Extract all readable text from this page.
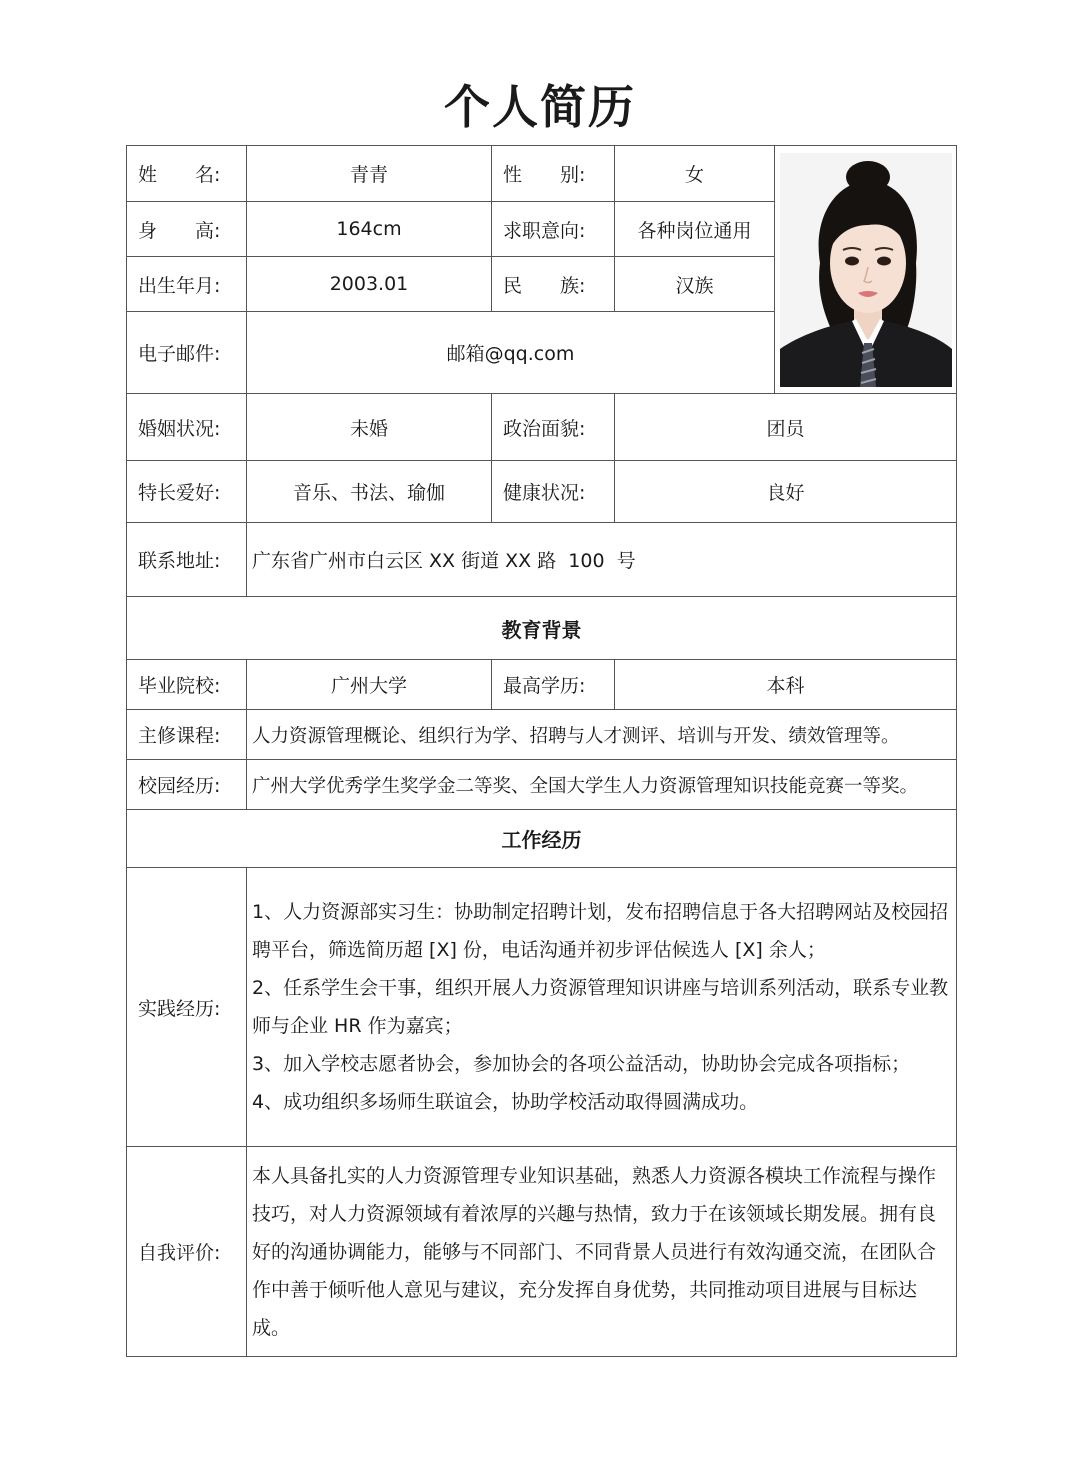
个人简历
姓　　名:	青青	性　　别:	女	

身　　高:	164cm	求职意向:	各种岗位通用	
出生年月:	2003.01	民　　族:	汉族	
电子邮件:	邮箱@qq.com			
婚姻状况:	未婚	政治面貌:	团员	
特长爱好:	音乐、书法、瑜伽	健康状况:	良好	
联系地址:	广东省广州市白云区 XX 街道 XX 路  100  号			
教育背景				
毕业院校:	广州大学	最高学历:	本科	
主修课程:	人力资源管理概论、组织行为学、招聘与人才测评、培训与开发、绩效管理等。			
校园经历:	广州大学优秀学生奖学金二等奖、全国大学生人力资源管理知识技能竞赛一等奖。			
工作经历				
实践经历:	1、人力资源部实习生：协助制定招聘计划，发布招聘信息于各大招聘网站及校园招聘平台，筛选简历超 [X] 份，电话沟通并初步评估候选人 [X] 余人；

2、任系学生会干事，组织开展人力资源管理知识讲座与培训系列活动，联系专业教师与企业 HR 作为嘉宾；

3、加入学校志愿者协会，参加协会的各项公益活动，协助协会完成各项指标；

4、成功组织多场师生联谊会，协助学校活动取得圆满成功。			

自我评价:	本人具备扎实的人力资源管理专业知识基础，熟悉人力资源各模块工作流程与操作技巧，对人力资源领域有着浓厚的兴趣与热情，致力于在该领域长期发展。拥有良好的沟通协调能力，能够与不同部门、不同背景人员进行有效沟通交流，在团队合作中善于倾听他人意见与建议，充分发挥自身优势，共同推动项目进展与目标达成。			
